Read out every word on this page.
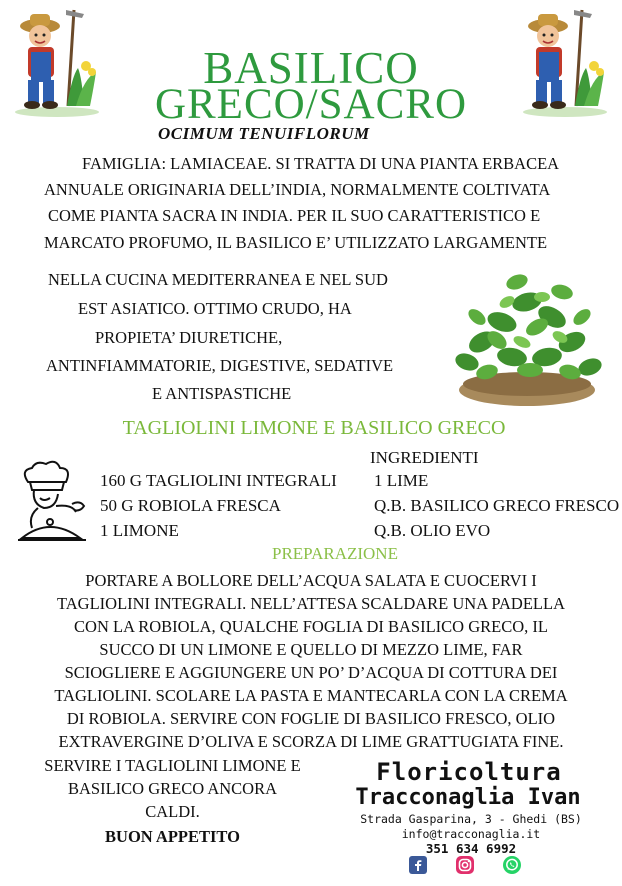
BASILICO
GRECO/SACRO
OCIMUM TENUIFLORUM
FAMIGLIA: LAMIACEAE. SI TRATTA DI UNA PIANTA ERBACEA
ANNUALE ORIGINARIA DELL’INDIA, NORMALMENTE COLTIVATA
COME PIANTA SACRA IN INDIA. PER IL SUO CARATTERISTICO E
MARCATO PROFUMO, IL BASILICO E’ UTILIZZATO LARGAMENTE
NELLA CUCINA MEDITERRANEA E NEL SUD
EST ASIATICO. OTTIMO CRUDO, HA
PROPIETA’ DIURETICHE,
ANTINFIAMMATORIE, DIGESTIVE, SEDATIVE
E ANTISPASTICHE
TAGLIOLINI LIMONE E BASILICO GRECO
INGREDIENTI
160 G TAGLIOLINI INTEGRALI
50 G ROBIOLA FRESCA
1 LIMONE
• 1 LIME
• Q.B. BASILICO GRECO FRESCO
• Q.B. OLIO EVO
PREPARAZIONE
PORTARE A BOLLORE DELL’ACQUA SALATA E CUOCERVI I
TAGLIOLINI INTEGRALI. NELL’ATTESA SCALDARE UNA PADELLA
CON LA ROBIOLA, QUALCHE FOGLIA DI BASILICO GRECO, IL
SUCCO DI UN LIMONE E QUELLO DI MEZZO LIME, FAR
SCIOGLIERE E AGGIUNGERE UN PO’ D’ACQUA DI COTTURA DEI
TAGLIOLINI. SCOLARE LA PASTA E MANTECARLA CON LA CREMA
DI ROBIOLA. SERVIRE CON FOGLIE DI BASILICO FRESCO, OLIO
EXTRAVERGINE D’OLIVA E SCORZA DI LIME GRATTUGIATA FINE.
SERVIRE I TAGLIOLINI LIMONE E
BASILICO GRECO ANCORA
CALDI.
BUON APPETITO
Floricoltura
Tracconaglia Ivan
Strada Gasparina, 3 - Ghedi (BS)
info@tracconaglia.it
351 634 6992
